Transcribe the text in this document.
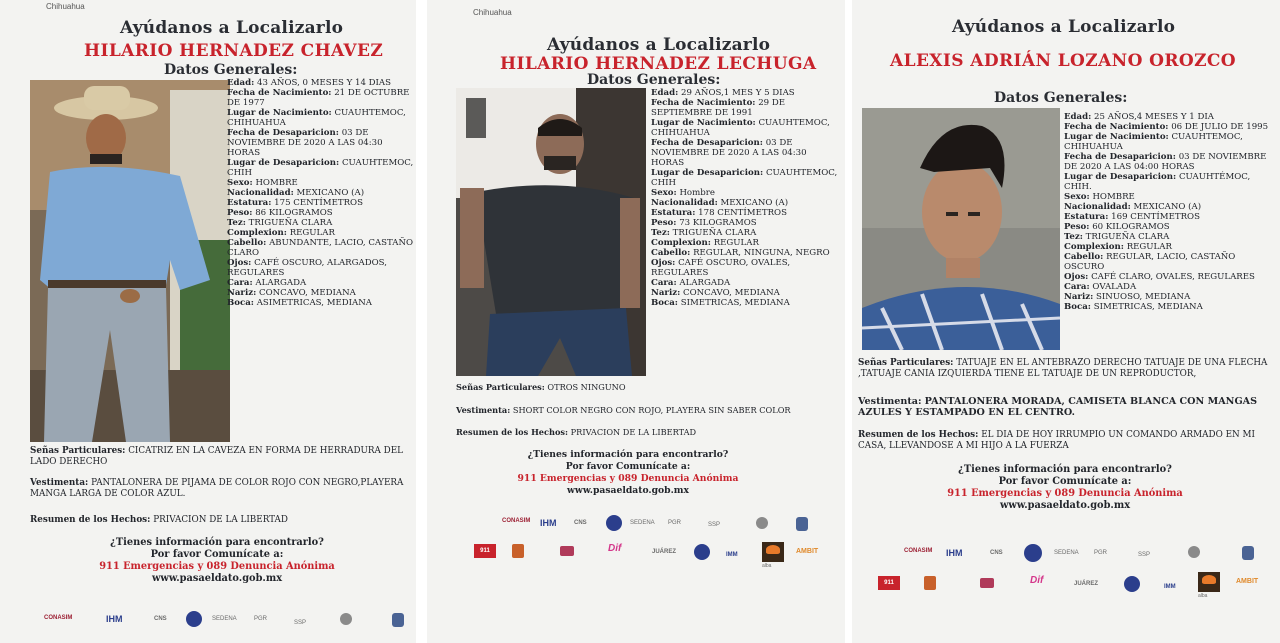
Chihuahua
Ayúdanos a Localizarlo
HILARIO HERNADEZ CHAVEZ
Datos Generales:
Edad: 43 AÑOS, 0 MESES Y 14 DIAS
Fecha de Nacimiento: 21 DE OCTUBRE DE 1977
Lugar de Nacimiento: CUAUHTEMOC, CHIHUAHUA
Fecha de Desaparicion: 03 DE NOVIEMBRE DE 2020 A LAS 04:30 HORAS
Lugar de Desaparicion: CUAUHTEMOC, CHIH
Sexo: HOMBRE
Nacionalidad: MEXICANO (A)
Estatura: 175 CENTÍMETROS
Peso: 86 KILOGRAMOS
Tez: TRIGUEÑA CLARA
Complexion: REGULAR
Cabello: ABUNDANTE, LACIO, CASTAÑO CLARO
Ojos: CAFÉ OSCURO, ALARGADOS, REGULARES
Cara: ALARGADA
Nariz: CONCAVO, MEDIANA
Boca: ASIMETRICAS, MEDIANA
Señas Particulares: CICATRIZ EN LA CAVEZA EN FORMA DE HERRADURA DEL LADO DERECHO
Vestimenta: PANTALONERA DE PIJAMA DE COLOR ROJO CON NEGRO,PLAYERA MANGA LARGA DE COLOR AZUL.
Resumen de los Hechos: PRIVACION DE LA LIBERTAD
¿Tienes información para encontrarlo?
Por favor Comunícate a:
911 Emergencias y 089 Denuncia Anónima
www.pasaeldato.gob.mx
CONASIM	IHM	CNS	SEDENA	PGR
SSP
Chihuahua
Ayúdanos a Localizarlo
HILARIO HERNADEZ LECHUGA
Datos Generales:
Edad: 29 AÑOS,1 MES Y 5 DIAS
Fecha de Nacimiento: 29 DE SEPTIEMBRE DE 1991
Lugar de Nacimiento: CUAUHTEMOC, CHIHUAHUA
Fecha de Desaparicion: 03 DE NOVIEMBRE DE 2020 A LAS 04:30 HORAS
Lugar de Desaparicion: CUAUHTEMOC, CHIH
Sexo: Hombre
Nacionalidad: MEXICANO (A)
Estatura: 178 CENTÍMETROS
Peso: 73 KILOGRAMOS
Tez: TRIGUEÑA CLARA
Complexion: REGULAR
Cabello: REGULAR, NINGUNA, NEGRO
Ojos: CAFÉ OSCURO, OVALES, REGULARES
Cara: ALARGADA
Nariz: CONCAVO, MEDIANA
Boca: SIMETRICAS, MEDIANA
Señas Particulares: OTROS NINGUNO
Vestimenta: SHORT COLOR NEGRO CON ROJO, PLAYERA SIN SABER COLOR
Resumen de los Hechos: PRIVACION DE LA LIBERTAD
¿Tienes información para encontrarlo?
Por favor Comunícate a:
911 Emergencias y 089 Denuncia Anónima
www.pasaeldato.gob.mx
CONASIM IHM	CNS	SEDENA PGR	SSP
911	Dif	JUÁREZ	IMM
alba
AMBIT
Ayúdanos a Localizarlo
ALEXIS ADRIÁN LOZANO OROZCO
Datos Generales:
Edad: 25 AÑOS,4 MESES Y 1 DIA
Fecha de Nacimiento: 06 DE JULIO DE 1995
Lugar de Nacimiento: CUAUHTEMOC, CHIHUAHUA
Fecha de Desaparicion: 03 DE NOVIEMBRE DE 2020 A LAS 04:00 HORAS
Lugar de Desaparicion: CUAUHTÉMOC, CHIH.
Sexo: HOMBRE
Nacionalidad: MEXICANO (A)
Estatura: 169 CENTÍMETROS
Peso: 60 KILOGRAMOS
Tez: TRIGUEÑA CLARA
Complexion: REGULAR
Cabello: REGULAR, LACIO, CASTAÑO OSCURO
Ojos: CAFÉ CLARO, OVALES, REGULARES
Cara: OVALADA
Nariz: SINUOSO, MEDIANA
Boca: SIMETRICAS, MEDIANA
Señas Particulares: TATUAJE EN EL ANTEBRAZO DERECHO TATUAJE DE UNA FLECHA ,TATUAJE CANIA IZQUIERDA TIENE EL TATUAJE DE UN REPRODUCTOR,
Vestimenta: PANTALONERA MORADA, CAMISETA BLANCA CON MANGAS AZULES Y ESTAMPADO EN EL CENTRO.
Resumen de los Hechos: EL DIA DE HOY IRRUMPIO UN COMANDO ARMADO EN MI CASA, LLEVANDOSE A MI HIJO A LA FUERZA
¿Tienes información para encontrarlo?
Por favor Comunícate a:
911 Emergencias y 089 Denuncia Anónima
www.pasaeldato.gob.mx
CONASIM IHM	CNS	SEDENA	PGR	SSP
911	Dif	JUÁREZ	IMM
alba
AMBIT
